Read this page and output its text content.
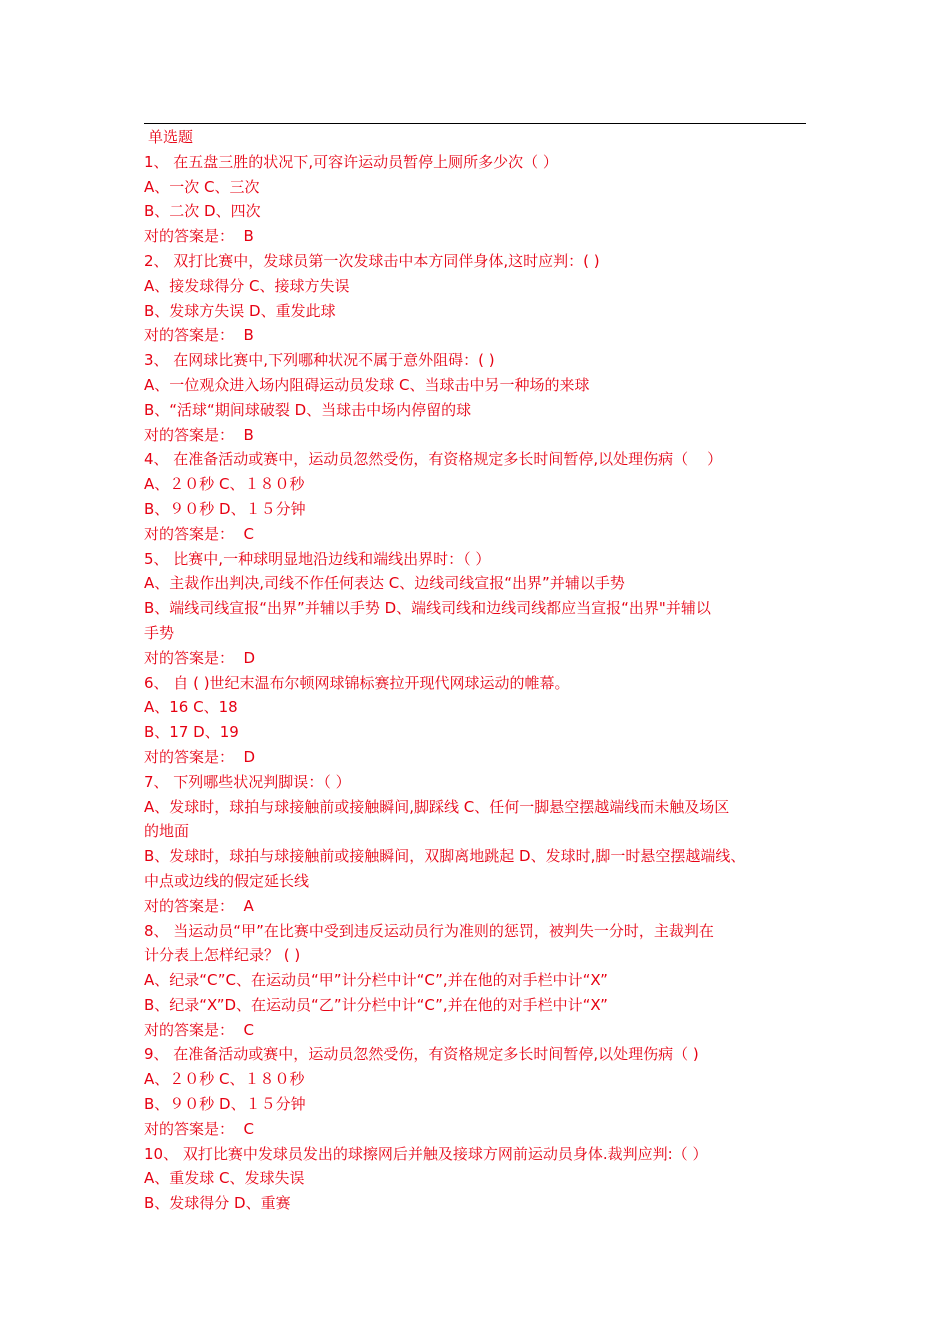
单选题
1、 在五盘三胜的状况下,可容许运动员暂停上厕所多少次（ ）
A、一次 C、三次
B、二次 D、四次
对的答案是：  B
2、 双打比赛中，发球员第一次发球击中本方同伴身体,这时应判：( )
A、接发球得分 C、接球方失误
B、发球方失误 D、重发此球
对的答案是：  B
3、 在网球比赛中,下列哪种状况不属于意外阻碍：( )
A、一位观众进入场内阻碍运动员发球 C、当球击中另一种场的来球
B、“活球“期间球破裂 D、当球击中场内停留的球
对的答案是：  B
4、 在准备活动或赛中，运动员忽然受伤，有资格规定多长时间暂停,以处理伤病（    ）
A、２０秒 C、１８０秒
B、９０秒 D、１５分钟
对的答案是：  C
5、 比赛中,一种球明显地沿边线和端线出界时：（ ）
A、主裁作出判决,司线不作任何表达 C、边线司线宣报“出界”并辅以手势
B、端线司线宣报“出界”并辅以手势 D、端线司线和边线司线都应当宣报“出界"并辅以
手势
对的答案是：  D
6、 自 ( )世纪末温布尔顿网球锦标赛拉开现代网球运动的帷幕。
A、16 C、18
B、17 D、19
对的答案是：  D
7、 下列哪些状况判脚误：（ ）
A、发球时，球拍与球接触前或接触瞬间,脚踩线 C、任何一脚悬空摆越端线而未触及场区
的地面
B、发球时，球拍与球接触前或接触瞬间，双脚离地跳起 D、发球时,脚一时悬空摆越端线、
中点或边线的假定延长线
对的答案是：  A
8、 当运动员“甲”在比赛中受到违反运动员行为准则的惩罚，被判失一分时，主裁判在
计分表上怎样纪录？ ( )
A、纪录“C”C、在运动员“甲”计分栏中计“C”,并在他的对手栏中计“X”
B、纪录“X”D、在运动员“乙”计分栏中计“C”,并在他的对手栏中计“X”
对的答案是：  C
9、 在准备活动或赛中，运动员忽然受伤，有资格规定多长时间暂停,以处理伤病（ )
A、２０秒 C、１８０秒
B、９０秒 D、１５分钟
对的答案是：  C
10、 双打比赛中发球员发出的球擦网后并触及接球方网前运动员身体.裁判应判:（ ）
A、重发球 C、发球失误
B、发球得分 D、重赛
